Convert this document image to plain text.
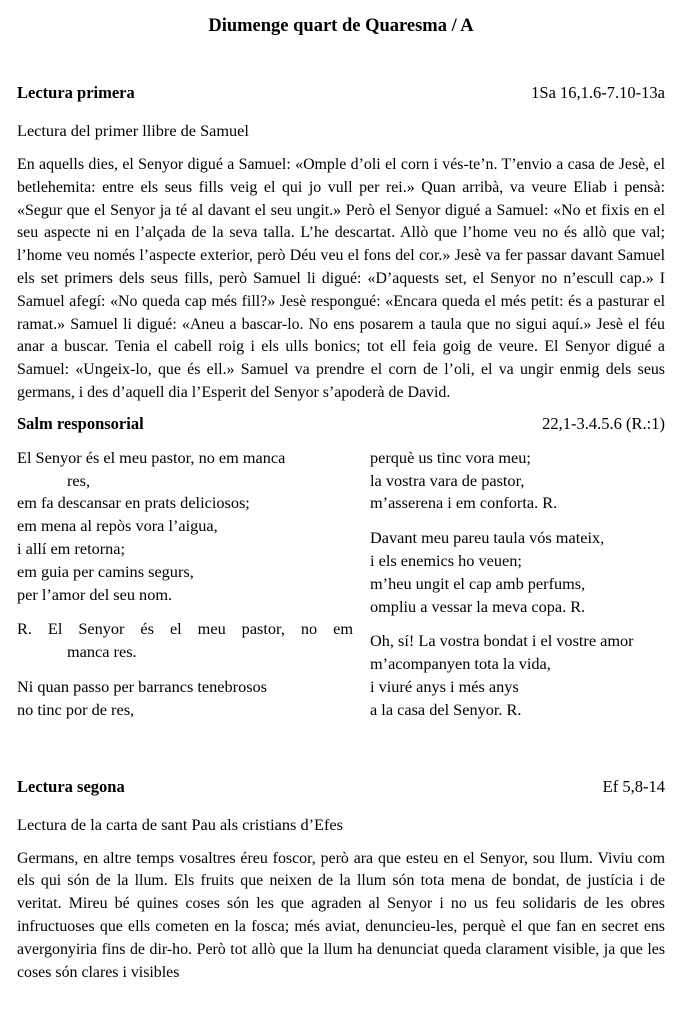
Diumenge quart de Quaresma / A
Lectura primera	1Sa 16,1.6-7.10-13a

Lectura del primer llibre de Samuel

En aquells dies, el Senyor digué a Samuel: «Omple d’oli el corn i vés-te’n. T’envio a casa de Jesè, el betlehemita: entre els seus fills veig el qui jo vull per rei.» Quan arribà, va veure Eliab i pensà: «Segur que el Senyor ja té al davant el seu ungit.» Però el Senyor digué a Samuel: «No et fixis en el seu aspecte ni en l’alçada de la seva talla. L’he descartat. Allò que l’home veu no és allò que val; l’home veu només l’aspecte exterior, però Déu veu el fons del cor.» Jesè va fer passar davant Samuel els set primers dels seus fills, però Samuel li digué: «D’aquests set, el Senyor no n’escull cap.» I Samuel afegí: «No queda cap més fill?» Jesè respongué: «Encara queda el més petit: és a pasturar el ramat.» Samuel li digué: «Aneu a bascar-lo. No ens posarem a taula que no sigui aquí.» Jesè el féu anar a buscar. Tenia el cabell roig i els ulls bonics; tot ell feia goig de veure. El Senyor digué a Samuel: «Ungeix-lo, que és ell.» Samuel va prendre el corn de l’oli, el va ungir enmig dels seus germans, i des d’aquell dia l’Esperit del Senyor s’apoderà de David.

Salm responsorial	22,1-3.4.5.6 (R.:1)
El Senyor és el meu pastor, no em manca
res,
em fa descansar en prats deliciosos;
em mena al repòs vora l’aigua,
i allí em retorna;
em guia per camins segurs,
per l’amor del seu nom.
R. El Senyor és el meu pastor, no em
manca res.
Ni quan passo per barrancs tenebrosos
no tinc por de res,
perquè us tinc vora meu;
la vostra vara de pastor,
m’asserena i em conforta. R.
Davant meu pareu taula vós mateix,
i els enemics ho veuen;
m’heu ungit el cap amb perfums,
ompliu a vessar la meva copa. R.
Oh, sí! La vostra bondat i el vostre amor
m’acompanyen tota la vida,
i viuré anys i més anys
a la casa del Senyor. R.
Lectura segona	Ef 5,8-14

Lectura de la carta de sant Pau als cristians d’Efes

Germans, en altre temps vosaltres éreu foscor, però ara que esteu en el Senyor, sou llum. Viviu com els qui són de la llum. Els fruits que neixen de la llum són tota mena de bondat, de justícia i de veritat. Mireu bé quines coses són les que agraden al Senyor i no us feu solidaris de les obres infructuoses que ells cometen en la fosca; més aviat, denuncieu-les, perquè el que fan en secret ens avergonyiria fins de dir-ho. Però tot allò que la llum ha denunciat queda clarament visible, ja que les coses són clares i visibles
